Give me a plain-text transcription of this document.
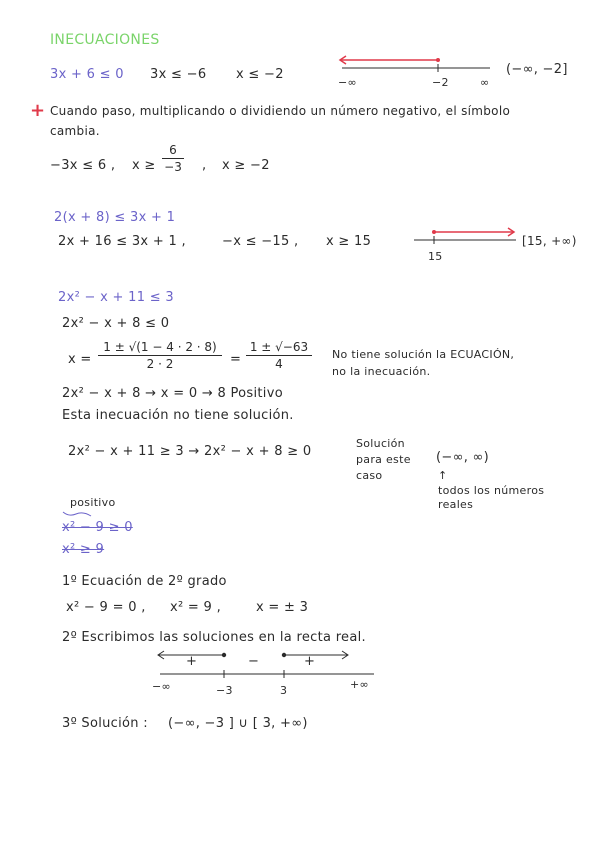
INECUACIONES
3x + 6 ≤ 0 3x ≤ −6 x ≤ −2
−∞	−2	∞
(−∞, −2]
+ Cuando paso, multiplicando o dividiendo un número negativo, el símbolo
cambia.
−3x ≤ 6 , x ≥
6
−3 , x ≥ −2
2(x + 8) ≤ 3x + 1
2x + 16 ≤ 3x + 1 ,	−x ≤ −15 , x ≥ 15
15
[15, +∞)
2x² − x + 11 ≤ 3
2x² − x + 8 ≤ 0
x =
1 ± √(1 − 4 · 2 · 8)
2 · 2	=
1 ± √−63
4
No tiene solución la ECUACIÓN,
no la inecuación.
2x² − x + 8 → x = 0 → 8 Positivo
Esta inecuación no tiene solución.
2x² − x + 11 ≥ 3 → 2x² − x + 8 ≥ 0
Solución
para este
caso
(−∞, ∞)
↑
todos los números
reales
positivo
x² − 9 ≥ 0
x² ≥ 9
1º Ecuación de 2º grado
x² − 9 = 0 , x² = 9 ,	x = ± 3
2º Escribimos las soluciones en la recta real.
+	−	+
−∞	−3	3	+∞
3º Solución : (−∞, −3 ] ∪ [ 3, +∞)
